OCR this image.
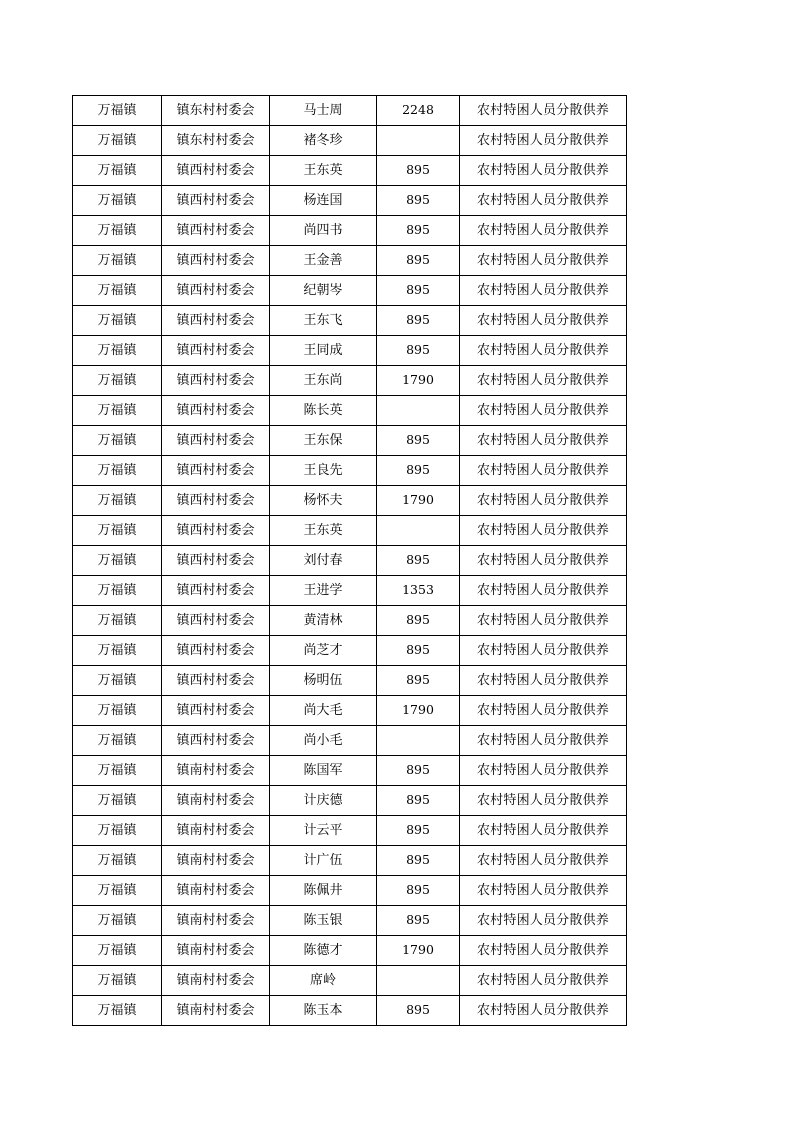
万福镇	镇东村村委会	马士周	2248	农村特困人员分散供养
万福镇	镇东村村委会	褚冬珍		农村特困人员分散供养
万福镇	镇西村村委会	王东英	895	农村特困人员分散供养
万福镇	镇西村村委会	杨连国	895	农村特困人员分散供养
万福镇	镇西村村委会	尚四书	895	农村特困人员分散供养
万福镇	镇西村村委会	王金善	895	农村特困人员分散供养
万福镇	镇西村村委会	纪朝岑	895	农村特困人员分散供养
万福镇	镇西村村委会	王东飞	895	农村特困人员分散供养
万福镇	镇西村村委会	王同成	895	农村特困人员分散供养
万福镇	镇西村村委会	王东尚	1790	农村特困人员分散供养
万福镇	镇西村村委会	陈长英		农村特困人员分散供养
万福镇	镇西村村委会	王东保	895	农村特困人员分散供养
万福镇	镇西村村委会	王良先	895	农村特困人员分散供养
万福镇	镇西村村委会	杨怀夫	1790	农村特困人员分散供养
万福镇	镇西村村委会	王东英		农村特困人员分散供养
万福镇	镇西村村委会	刘付春	895	农村特困人员分散供养
万福镇	镇西村村委会	王进学	1353	农村特困人员分散供养
万福镇	镇西村村委会	黄清林	895	农村特困人员分散供养
万福镇	镇西村村委会	尚芝才	895	农村特困人员分散供养
万福镇	镇西村村委会	杨明伍	895	农村特困人员分散供养
万福镇	镇西村村委会	尚大毛	1790	农村特困人员分散供养
万福镇	镇西村村委会	尚小毛		农村特困人员分散供养
万福镇	镇南村村委会	陈国军	895	农村特困人员分散供养
万福镇	镇南村村委会	计庆德	895	农村特困人员分散供养
万福镇	镇南村村委会	计云平	895	农村特困人员分散供养
万福镇	镇南村村委会	计广伍	895	农村特困人员分散供养
万福镇	镇南村村委会	陈佩井	895	农村特困人员分散供养
万福镇	镇南村村委会	陈玉银	895	农村特困人员分散供养
万福镇	镇南村村委会	陈德才	1790	农村特困人员分散供养
万福镇	镇南村村委会	席岭		农村特困人员分散供养
万福镇	镇南村村委会	陈玉本	895	农村特困人员分散供养
